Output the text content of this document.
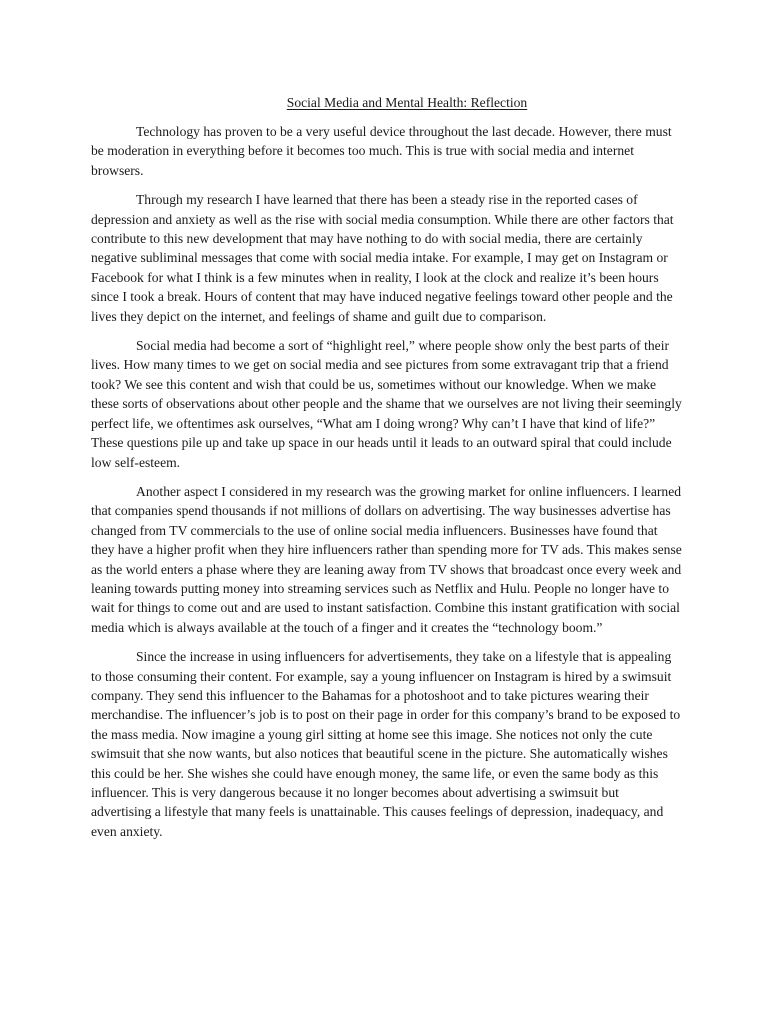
Social Media and Mental Health: Reflection

Technology has proven to be a very useful device throughout the last decade. However, there must be moderation in everything before it becomes too much. This is true with social media and internet browsers.

Through my research I have learned that there has been a steady rise in the reported cases of depression and anxiety as well as the rise with social media consumption. While there are other factors that contribute to this new development that may have nothing to do with social media, there are certainly negative subliminal messages that come with social media intake. For example, I may get on Instagram or Facebook for what I think is a few minutes when in reality, I look at the clock and realize it’s been hours since I took a break. Hours of content that may have induced negative feelings toward other people and the lives they depict on the internet, and feelings of shame and guilt due to comparison.

Social media had become a sort of “highlight reel,” where people show only the best parts of their lives. How many times to we get on social media and see pictures from some extravagant trip that a friend took? We see this content and wish that could be us, sometimes without our knowledge. When we make these sorts of observations about other people and the shame that we ourselves are not living their seemingly perfect life, we oftentimes ask ourselves, “What am I doing wrong? Why can’t I have that kind of life?” These questions pile up and take up space in our heads until it leads to an outward spiral that could include low self-esteem.

Another aspect I considered in my research was the growing market for online influencers. I learned that companies spend thousands if not millions of dollars on advertising. The way businesses advertise has changed from TV commercials to the use of online social media influencers. Businesses have found that they have a higher profit when they hire influencers rather than spending more for TV ads. This makes sense as the world enters a phase where they are leaning away from TV shows that broadcast once every week and leaning towards putting money into streaming services such as Netflix and Hulu. People no longer have to wait for things to come out and are used to instant satisfaction. Combine this instant gratification with social media which is always available at the touch of a finger and it creates the “technology boom.”

Since the increase in using influencers for advertisements, they take on a lifestyle that is appealing to those consuming their content. For example, say a young influencer on Instagram is hired by a swimsuit company. They send this influencer to the Bahamas for a photoshoot and to take pictures wearing their merchandise. The influencer’s job is to post on their page in order for this company’s brand to be exposed to the mass media. Now imagine a young girl sitting at home see this image. She notices not only the cute swimsuit that she now wants, but also notices that beautiful scene in the picture. She automatically wishes this could be her. She wishes she could have enough money, the same life, or even the same body as this influencer. This is very dangerous because it no longer becomes about advertising a swimsuit but advertising a lifestyle that many feels is unattainable. This causes feelings of depression, inadequacy, and even anxiety.
